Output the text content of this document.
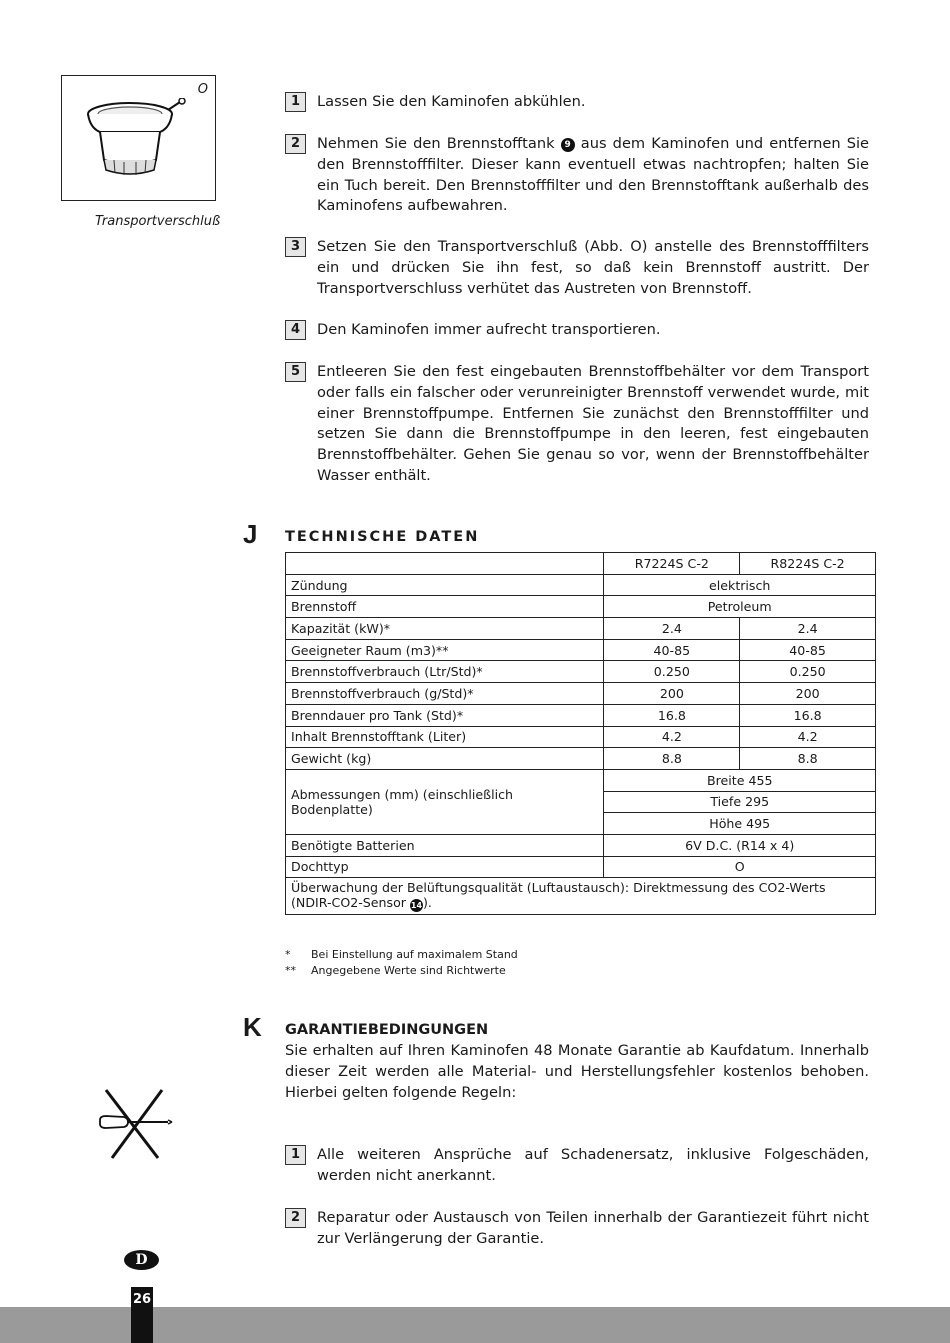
O
Transportverschluß
1	Lassen Sie den Kaminofen abkühlen.
2	Nehmen Sie den Brennstofftank 9 aus dem Kaminofen und entfernen Sie den Brennstofffilter. Dieser kann eventuell etwas nachtropfen; halten Sie ein Tuch bereit. Den Brennstofffilter und den Brennstofftank außerhalb des Kaminofens aufbewahren.
3	Setzen Sie den Transportverschluß (Abb. O) anstelle des Brennstofffilters ein und drücken Sie ihn fest, so daß kein Brennstoff austritt. Der Transportverschluss verhütet das Austreten von Brennstoff.
4	Den Kaminofen immer aufrecht transportieren.
5	Entleeren Sie den fest eingebauten Brennstoffbehälter vor dem Transport oder falls ein falscher oder verunreinigter Brennstoff verwendet wurde, mit einer Brennstoffpumpe. Entfernen Sie zunächst den Brennstofffilter und setzen Sie dann die Brennstoffpumpe in den leeren, fest eingebauten Brennstoffbehälter. Gehen Sie genau so vor, wenn der Brennstoffbehälter Wasser enthält.
J TECHNISCHE DATEN
	R7224S C-2	R8224S C-2
Zündung	elektrisch	
Brennstoff	Petroleum	
Kapazität (kW)*	2.4	2.4
Geeigneter Raum (m3)**	40-85	40-85
Brennstoffverbrauch (Ltr/Std)*	0.250	0.250
Brennstoffverbrauch (g/Std)*	200	200
Brenndauer pro Tank (Std)*	16.8	16.8
Inhalt Brennstofftank (Liter)	4.2	4.2
Gewicht (kg)	8.8	8.8
Abmessungen (mm) (einschließlich Bodenplatte)	Breite 455	
	Tiefe 295	
	Höhe 495	
Benötigte Batterien	6V D.C. (R14 x 4)	
Dochttyp	O	
Überwachung der Belüftungsqualität (Luftaustausch): Direktmessung des CO2-Werts (NDIR-CO2-Sensor 14).		
* Bei Einstellung auf maximalem Stand
** Angegebene Werte sind Richtwerte
K GARANTIEBEDINGUNGEN
Sie erhalten auf Ihren Kaminofen 48 Monate Garantie ab Kaufdatum. Innerhalb dieser Zeit werden alle Material- und Herstellungsfehler kostenlos behoben. Hierbei gelten folgende Regeln:
1	Alle weiteren Ansprüche auf Schadenersatz, inklusive Folgeschäden, werden nicht anerkannt.
2	Reparatur oder Austausch von Teilen innerhalb der Garantiezeit führt nicht zur Verlängerung der Garantie.
D
26
